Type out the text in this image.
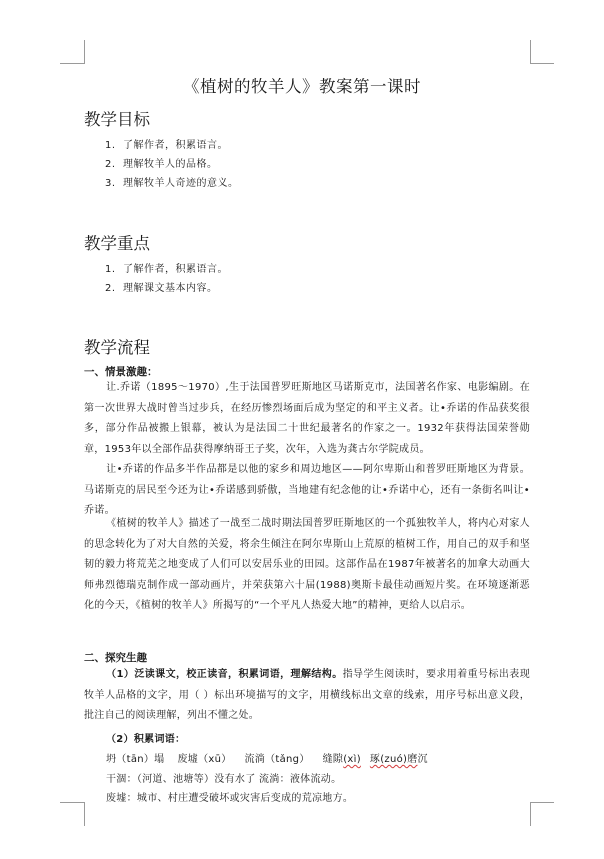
《植树的牧羊人》教案第一课时
教学目标
1. 了解作者，积累语言。
2. 理解牧羊人的品格。
3. 理解牧羊人奇迹的意义。
教学重点
1. 了解作者，积累语言。
2. 理解课文基本内容。
教学流程
一、情景激趣：
让.乔诺（1895～1970）,生于法国普罗旺斯地区马诺斯克市，法国著名作家、电影编剧。在第一次世界大战时曾当过步兵，在经历惨烈场面后成为坚定的和平主义者。让•乔诺的作品获奖很多，部分作品被搬上银幕，被认为是法国二十世纪最著名的作家之一。1932年获得法国荣誉勋章，1953年以全部作品获得摩纳哥王子奖，次年，入选为龚古尔学院成员。
让•乔诺的作品多半作品都是以他的家乡和周边地区——阿尔卑斯山和普罗旺斯地区为背景。马诺斯克的居民至今还为让•乔诺感到骄傲，当地建有纪念他的让•乔诺中心，还有一条街名叫让•乔诺。
《植树的牧羊人》描述了一战至二战时期法国普罗旺斯地区的一个孤独牧羊人，将内心对家人的思念转化为了对大自然的关爱，将余生倾注在阿尔卑斯山上荒原的植树工作，用自己的双手和坚韧的毅力将荒芜之地变成了人们可以安居乐业的田园。这部作品在1987年被著名的加拿大动画大师弗烈德瑞克制作成一部动画片，并荣获第六十届(1988)奥斯卡最佳动画短片奖。在环境逐渐恶化的今天，《植树的牧羊人》所揭写的“一个平凡人热爱大地”的精神，更给人以启示。
二、探究生趣
（1）泛读课文，校正读音，积累词语，理解结构。指导学生阅读时，要求用着重号标出表现牧羊人品格的文字，用（ ）标出环境描写的文字，用横线标出文章的线索，用序号标出意义段，批注自己的阅读理解，列出不懂之处。
（2）积累词语：
坍（tān）塌 废墟（xū） 流淌（tǎng） 缝隙(xì) 琢(zuó)磨沉
干涸：（河道、池塘等）没有水了 流淌：液体流动。
废墟：城市、村庄遭受破坏或灾害后变成的荒凉地方。
